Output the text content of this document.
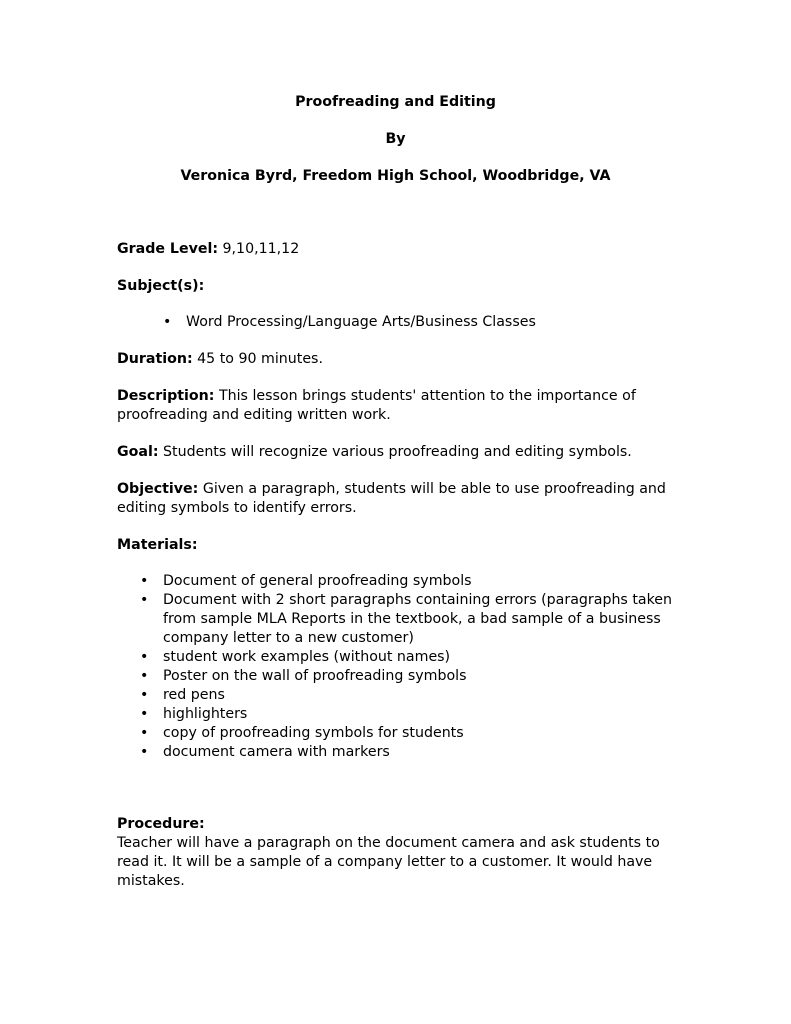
Proofreading and Editing
By
Veronica Byrd, Freedom High School, Woodbridge, VA
Grade Level: 9,10,11,12
Subject(s):
• Word Processing/Language Arts/Business Classes
Duration: 45 to 90 minutes.
Description: This lesson brings students' attention to the importance of
proofreading and editing written work.
Goal: Students will recognize various proofreading and editing symbols.
Objective: Given a paragraph, students will be able to use proofreading and
editing symbols to identify errors.
Materials:
• Document of general proofreading symbols
• Document with 2 short paragraphs containing errors (paragraphs taken
from sample MLA Reports in the textbook, a bad sample of a business
company letter to a new customer)
• student work examples (without names)
• Poster on the wall of proofreading symbols
• red pens
• highlighters
• copy of proofreading symbols for students
• document camera with markers
Procedure:
Teacher will have a paragraph on the document camera and ask students to
read it. It will be a sample of a company letter to a customer. It would have
mistakes.
